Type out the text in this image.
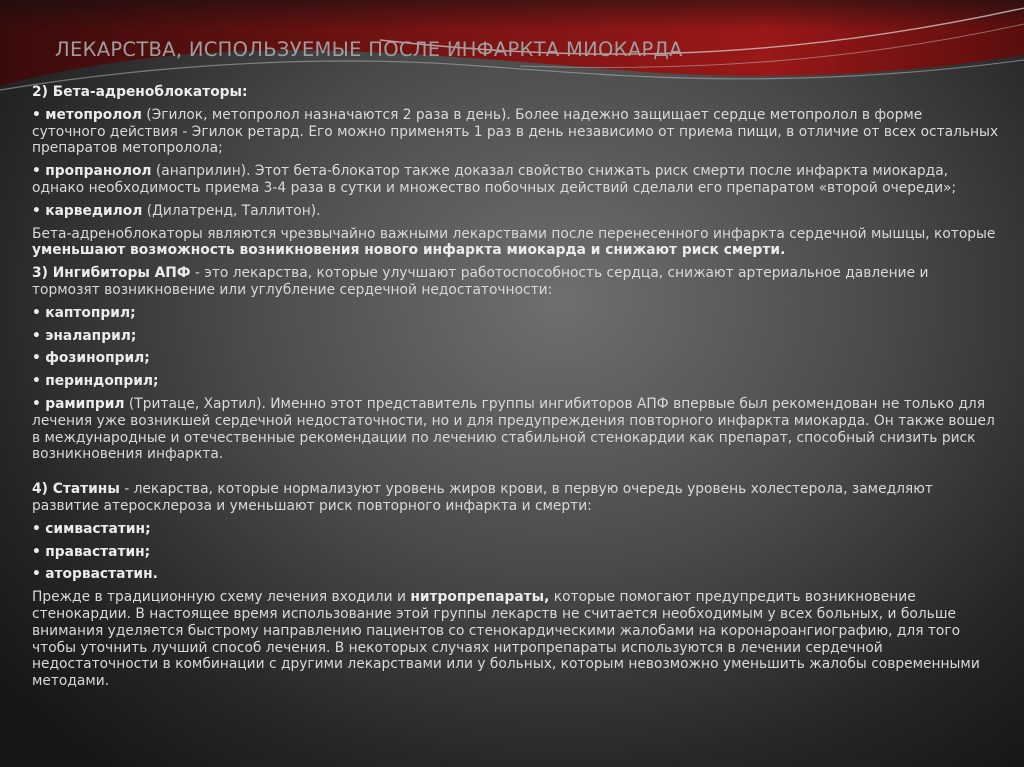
ЛЕКАРСТВА, ИСПОЛЬЗУЕМЫЕ ПОСЛЕ ИНФАРКТА МИОКАРДА

2) Бета-адреноблокаторы:

• метопролол (Эгилок, метопролол назначаются 2 раза в день). Более надежно защищает сердце метопролол в форме суточного действия - Эгилок ретард. Его можно применять 1 раз в день независимо от приема пищи, в отличие от всех остальных препаратов метопролола;

• пропранолол (анаприлин). Этот бета-блокатор также доказал свойство снижать риск смерти после инфаркта миокарда, однако необходимость приема 3-4 раза в сутки и множество побочных действий сделали его препаратом «второй очереди»;

• карведилол (Дилатренд, Таллитон).

Бета-адреноблокаторы являются чрезвычайно важными лекарствами после перенесенного инфаркта сердечной мышцы, которые уменьшают возможность возникновения нового инфаркта миокарда и снижают риск смерти.

3) Ингибиторы АПФ - это лекарства, которые улучшают работоспособность сердца, снижают артериальное давление и тормозят возникновение или углубление сердечной недостаточности:

• каптоприл;

• эналаприл;

• фозиноприл;

• периндоприл;

• рамиприл (Тритаце, Хартил). Именно этот представитель группы ингибиторов АПФ впервые был рекомендован не только для лечения уже возникшей сердечной недостаточности, но и для предупреждения повторного инфаркта миокарда. Он также вошел в международные и отечественные рекомендации по лечению стабильной стенокардии как препарат, способный снизить риск возникновения инфаркта.

4) Статины - лекарства, которые нормализуют уровень жиров крови, в первую очередь уровень холестерола, замедляют развитие атеросклероза и уменьшают риск повторного инфаркта и смерти:

• симвастатин;

• правастатин;

• аторвастатин.

Прежде в традиционную схему лечения входили и нитропрепараты, которые помогают предупредить возникновение стенокардии. В настоящее время использование этой группы лекарств не считается необходимым у всех больных, и больше внимания уделяется быстрому направлению пациентов со стенокардическими жалобами на коронароангиографию, для того чтобы уточнить лучший способ лечения. В некоторых случаях нитропрепараты используются в лечении сердечной недостаточности в комбинации с другими лекарствами или у больных, которым невозможно уменьшить жалобы современными методами.
